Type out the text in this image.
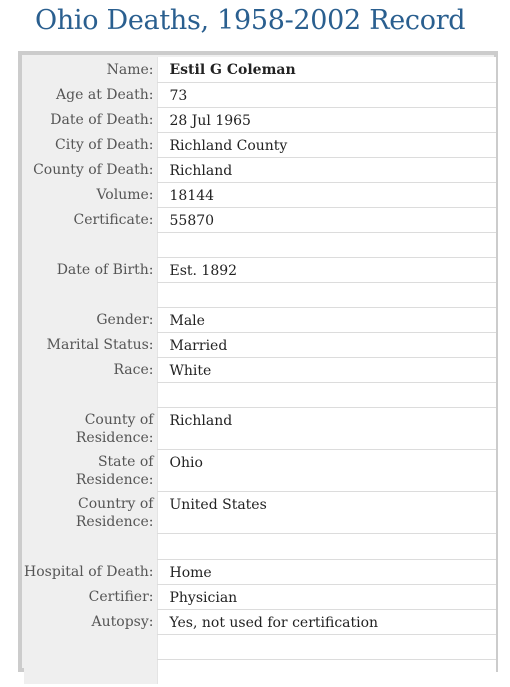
Ohio Deaths, 1958-2002 Record
Name:	Estil G Coleman
Age at Death:	73
Date of Death:	28 Jul 1965
City of Death:	Richland County
County of Death:	Richland
Volume:	18144
Certificate:	55870

Date of Birth:	Est. 1892

Gender:	Male
Marital Status:	Married
Race:	White

County of Residence:	Richland
State of Residence:	Ohio
Country of Residence:	United States

Hospital of Death:	Home
Certifier:	Physician
Autopsy:	Yes, not used for certification
